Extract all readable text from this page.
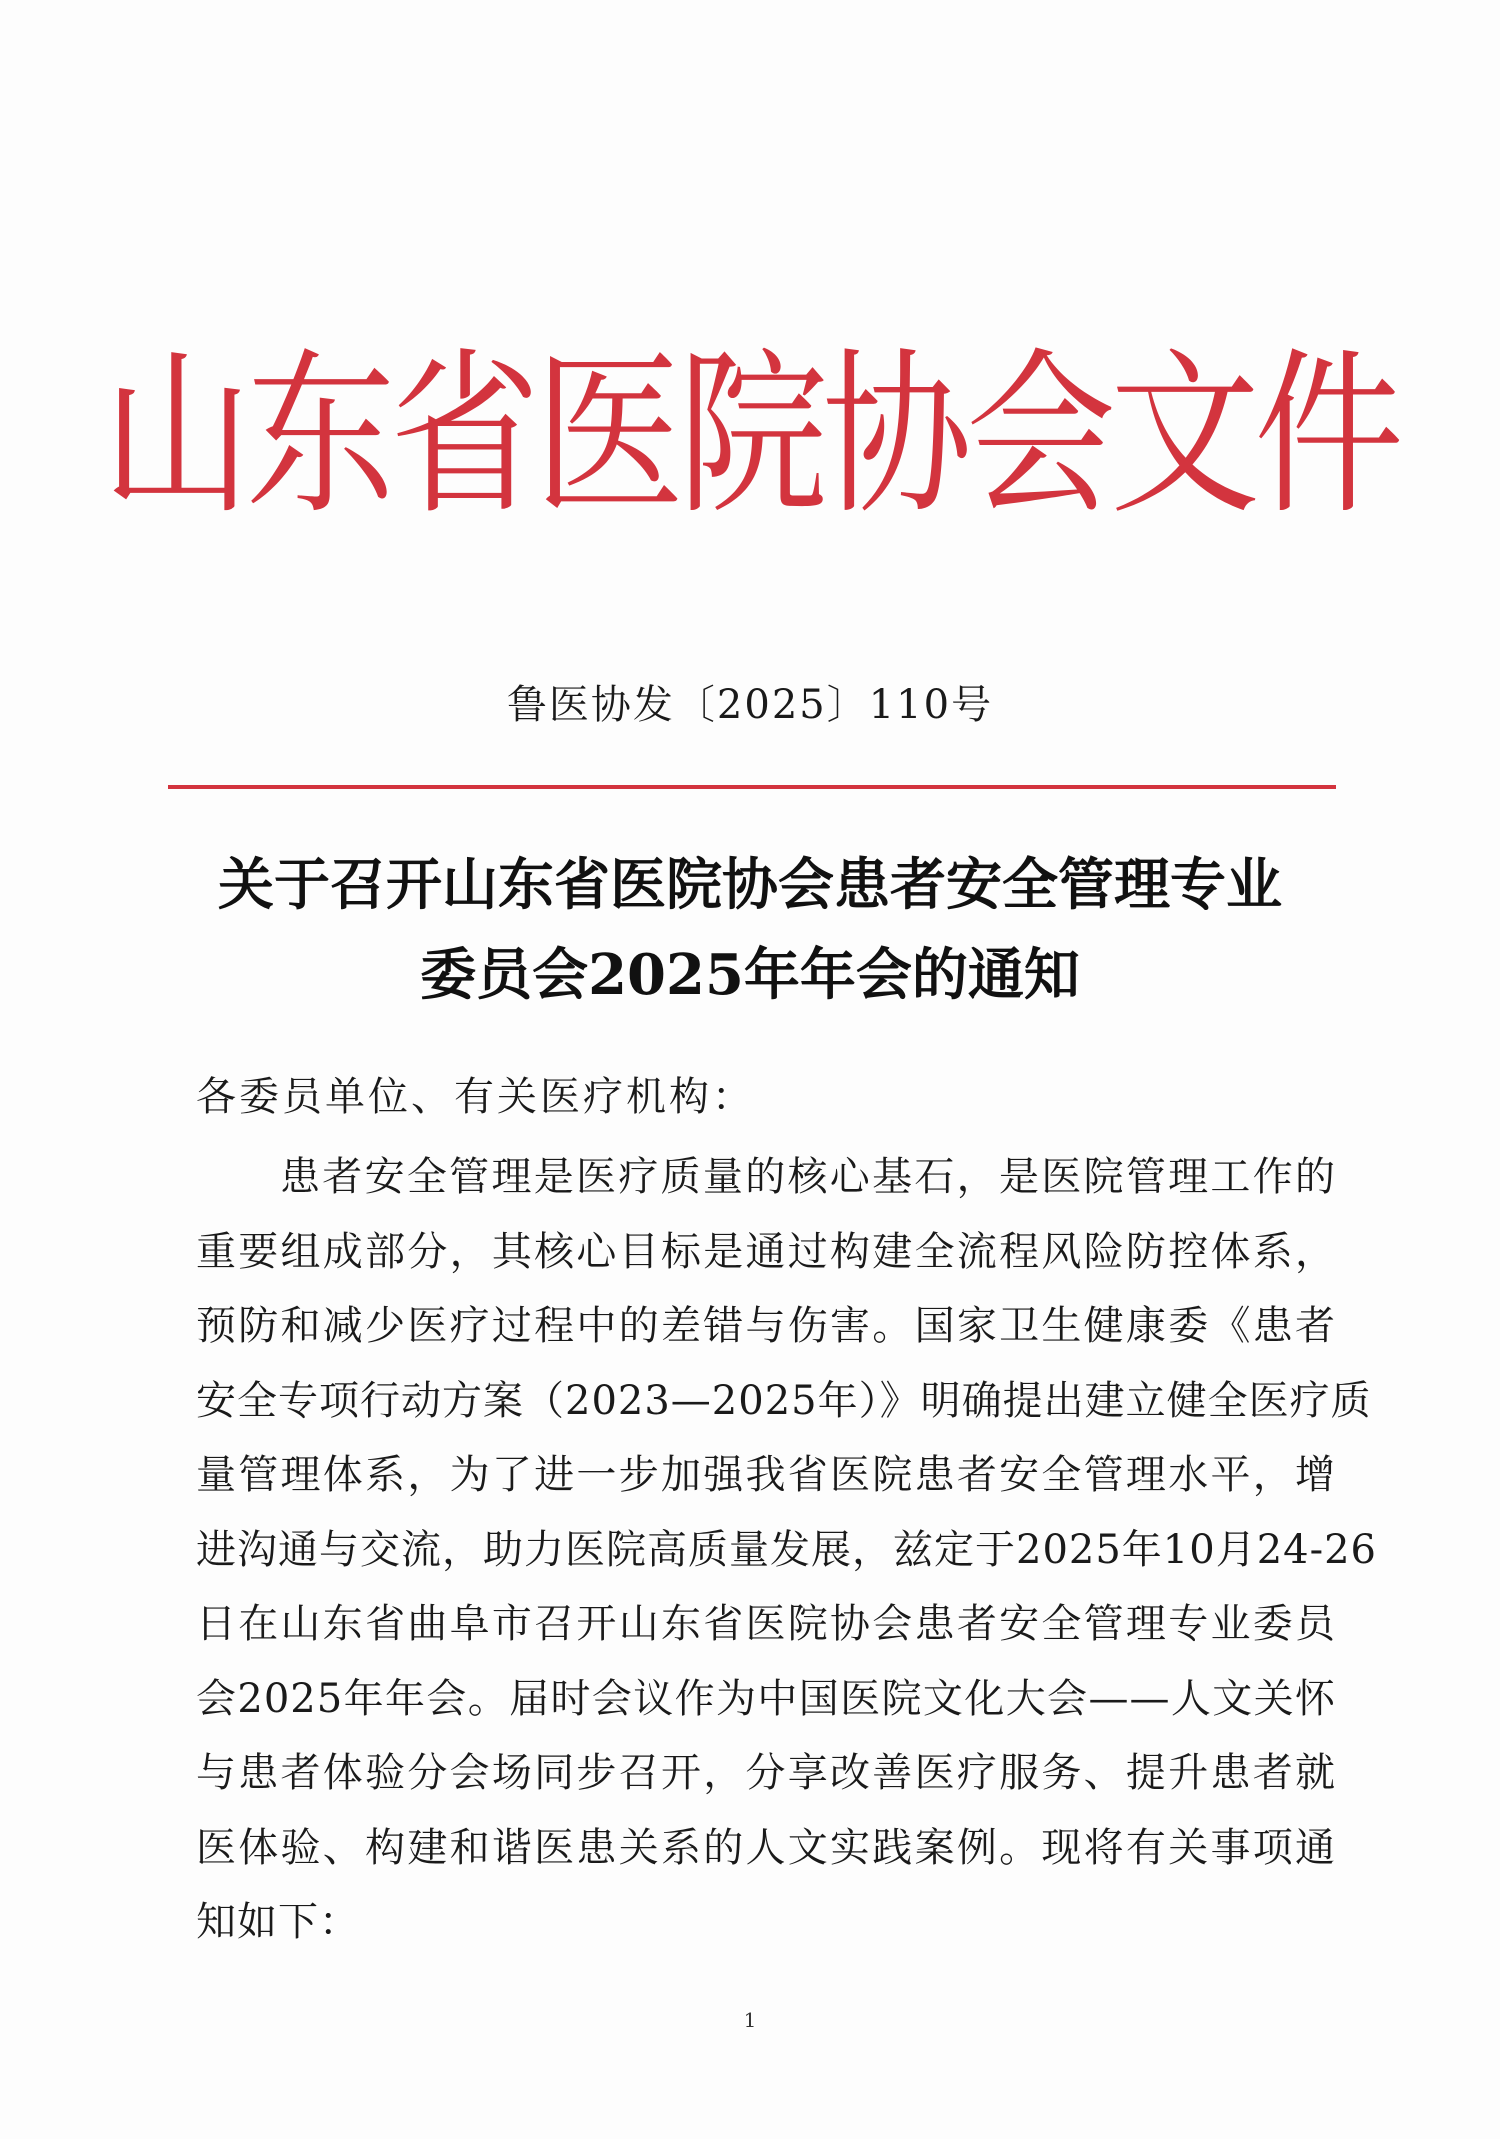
山东省医院协会文件
鲁医协发〔2025〕110号
关于召开山东省医院协会患者安全管理专业
委员会2025年年会的通知
各委员单位、有关医疗机构：
患者安全管理是医疗质量的核心基石，是医院管理工作的
重要组成部分，其核心目标是通过构建全流程风险防控体系，
预防和减少医疗过程中的差错与伤害。国家卫生健康委《患者
安全专项行动方案（2023—2025年）》明确提出建立健全医疗质
量管理体系，为了进一步加强我省医院患者安全管理水平，增
进沟通与交流，助力医院高质量发展，兹定于2025年10月24-26
日在山东省曲阜市召开山东省医院协会患者安全管理专业委员
会2025年年会。届时会议作为中国医院文化大会——人文关怀
与患者体验分会场同步召开，分享改善医疗服务、提升患者就
医体验、构建和谐医患关系的人文实践案例。现将有关事项通
知如下：
1
